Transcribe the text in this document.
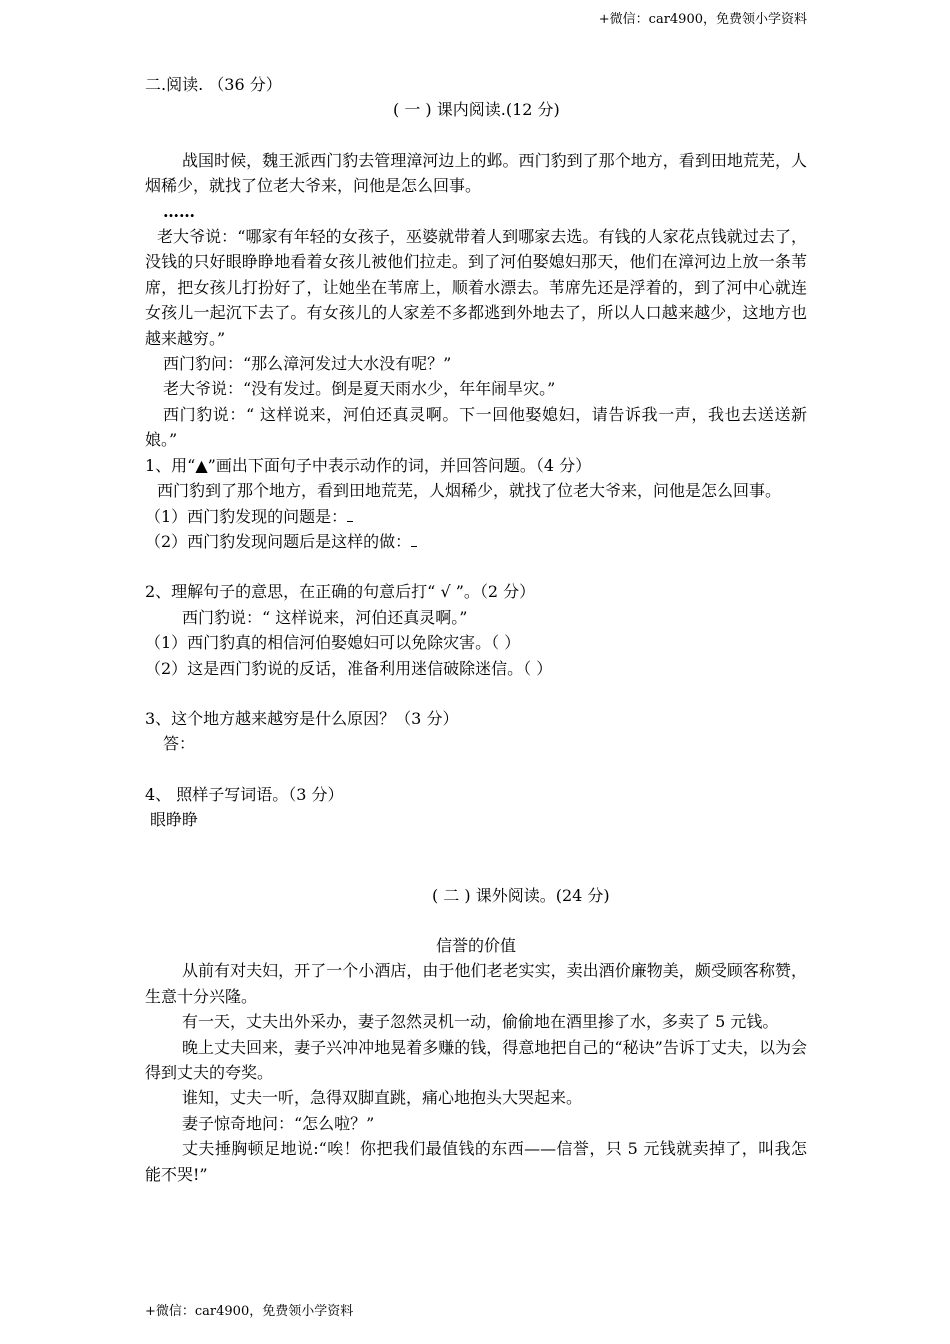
+微信：car4900，免费领小学资料

二.阅读. （36 分）

( 一 ) 课内阅读.(12 分)

战国时候，魏王派西门豹去管理漳河边上的邺。西门豹到了那个地方，看到田地荒芜，人烟稀少，就找了位老大爷来，问他是怎么回事。

……

老大爷说：“哪家有年轻的女孩子，巫婆就带着人到哪家去选。有钱的人家花点钱就过去了，没钱的只好眼睁睁地看着女孩儿被他们拉走。到了河伯娶媳妇那天，他们在漳河边上放一条苇席，把女孩儿打扮好了，让她坐在苇席上，顺着水漂去。苇席先还是浮着的，到了河中心就连女孩儿一起沉下去了。有女孩儿的人家差不多都逃到外地去了，所以人口越来越少，这地方也越来越穷。”

西门豹问：“那么漳河发过大水没有呢？”

老大爷说：“没有发过。倒是夏天雨水少，年年闹旱灾。”

西门豹说：“ 这样说来，河伯还真灵啊。下一回他娶媳妇，请告诉我一声，我也去送送新娘。”

1、用“▲”画出下面句子中表示动作的词，并回答问题。（4 分）

西门豹到了那个地方，看到田地荒芜，人烟稀少，就找了位老大爷来，问他是怎么回事。

（1）西门豹发现的问题是：

（2）西门豹发现问题后是这样的做：

2、理解句子的意思，在正确的句意后打“ √ ”。（2 分）

西门豹说：“ 这样说来，河伯还真灵啊。”

（1）西门豹真的相信河伯娶媳妇可以免除灾害。（ ）

（2）这是西门豹说的反话，准备利用迷信破除迷信。（ ）

3、这个地方越来越穷是什么原因？（3 分）

答：

4、 照样子写词语。（3 分）

眼睁睁

( 二 ) 课外阅读。(24 分)

信誉的价值

从前有对夫妇，开了一个小酒店，由于他们老老实实，卖出酒价廉物美，颇受顾客称赞，生意十分兴隆。

有一天，丈夫出外采办，妻子忽然灵机一动，偷偷地在酒里掺了水，多卖了 5 元钱。

晚上丈夫回来，妻子兴冲冲地晃着多赚的钱，得意地把自己的“秘诀”告诉丁丈夫，以为会得到丈夫的夸奖。

谁知，丈夫一听，急得双脚直跳，痛心地抱头大哭起来。

妻子惊奇地问：“怎么啦？”

丈夫捶胸顿足地说:“唉！你把我们最值钱的东西——信誉，只 5 元钱就卖掉了，叫我怎能不哭!”

+微信：car4900，免费领小学资料
